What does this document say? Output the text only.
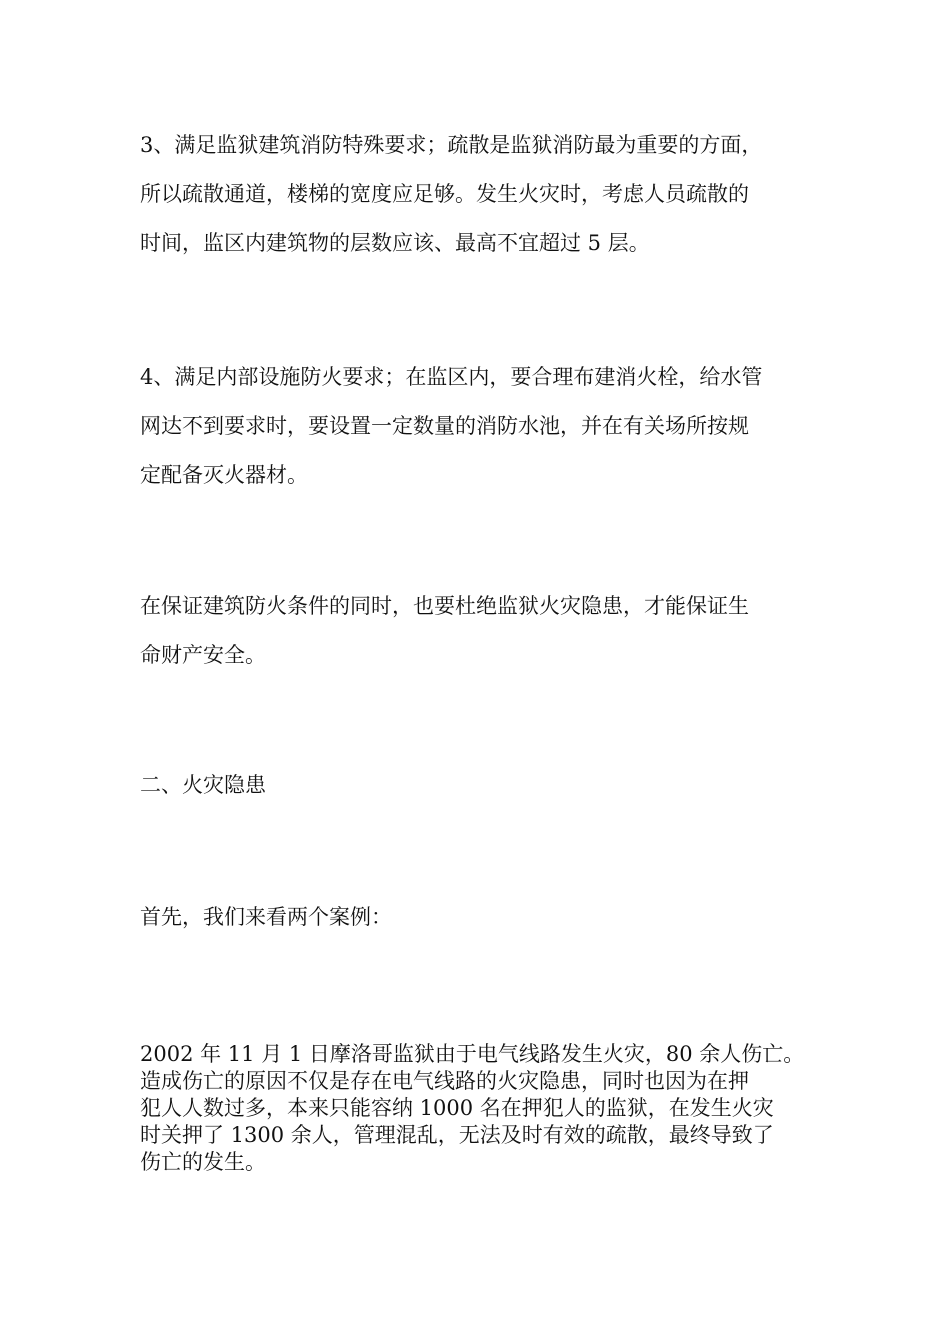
3、满足监狱建筑消防特殊要求；疏散是监狱消防最为重要的方面，
所以疏散通道，楼梯的宽度应足够。发生火灾时，考虑人员疏散的
时间，监区内建筑物的层数应该、最高不宜超过 5 层。
4、满足内部设施防火要求；在监区内，要合理布建消火栓，给水管
网达不到要求时，要设置一定数量的消防水池，并在有关场所按规
定配备灭火器材。
在保证建筑防火条件的同时，也要杜绝监狱火灾隐患，才能保证生
命财产安全。
二、火灾隐患
首先，我们来看两个案例：
2002 年 11 月 1 日摩洛哥监狱由于电气线路发生火灾，80 余人伤亡。
造成伤亡的原因不仅是存在电气线路的火灾隐患，同时也因为在押
犯人人数过多，本来只能容纳 1000 名在押犯人的监狱，在发生火灾
时关押了 1300 余人，管理混乱，无法及时有效的疏散，最终导致了
伤亡的发生。
